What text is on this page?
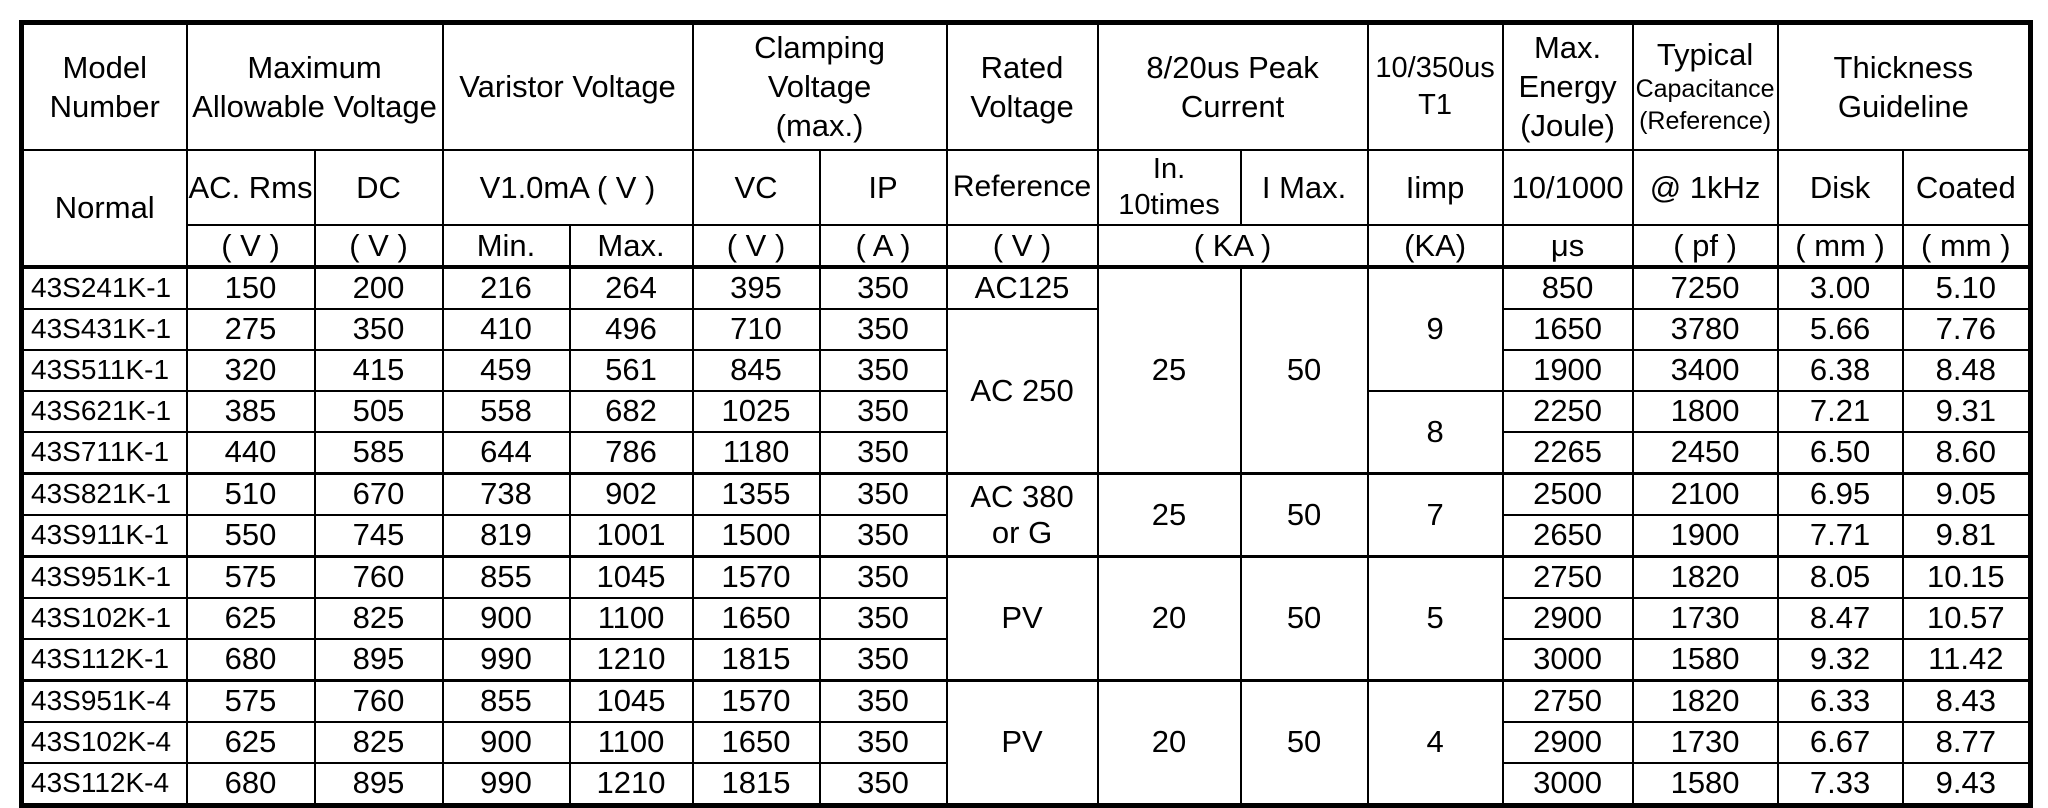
Model Number	Maximum Allowable Voltage		Varistor Voltage		Clamping
Voltage
(max.)		Rated Voltage	8/20us Peak Current		10/350us T1	Max. Energy (Joule)	Typical
Capacitance
(Reference)	Thickness Guideline	
Normal	AC. Rms	DC	V1.0mA ( V )		VC	IP	Reference	In. 10times	I Max.	Iimp	10/1000	@ 1kHz	Disk	Coated
	( V )	( V )	Min.	Max.	( V )	( A )	( V )	( KA )		(KA)	μs	( pf )	( mm )	( mm )
43S241K-1	150	200	216	264	395	350	AC125	25	50	9	850	7250	3.00	5.10
43S431K-1	275	350	410	496	710	350	AC 250				1650	3780	5.66	7.76
43S511K-1	320	415	459	561	845	350					1900	3400	6.38	8.48
43S621K-1	385	505	558	682	1025	350				8	2250	1800	7.21	9.31
43S711K-1	440	585	644	786	1180	350					2265	2450	6.50	8.60
43S821K-1	510	670	738	902	1355	350	AC 380
or G	25	50	7	2500	2100	6.95	9.05
43S911K-1	550	745	819	1001	1500	350					2650	1900	7.71	9.81
43S951K-1	575	760	855	1045	1570	350	PV	20	50	5	2750	1820	8.05	10.15
43S102K-1	625	825	900	1100	1650	350					2900	1730	8.47	10.57
43S112K-1	680	895	990	1210	1815	350					3000	1580	9.32	11.42
43S951K-4	575	760	855	1045	1570	350	PV	20	50	4	2750	1820	6.33	8.43
43S102K-4	625	825	900	1100	1650	350					2900	1730	6.67	8.77
43S112K-4	680	895	990	1210	1815	350					3000	1580	7.33	9.43
